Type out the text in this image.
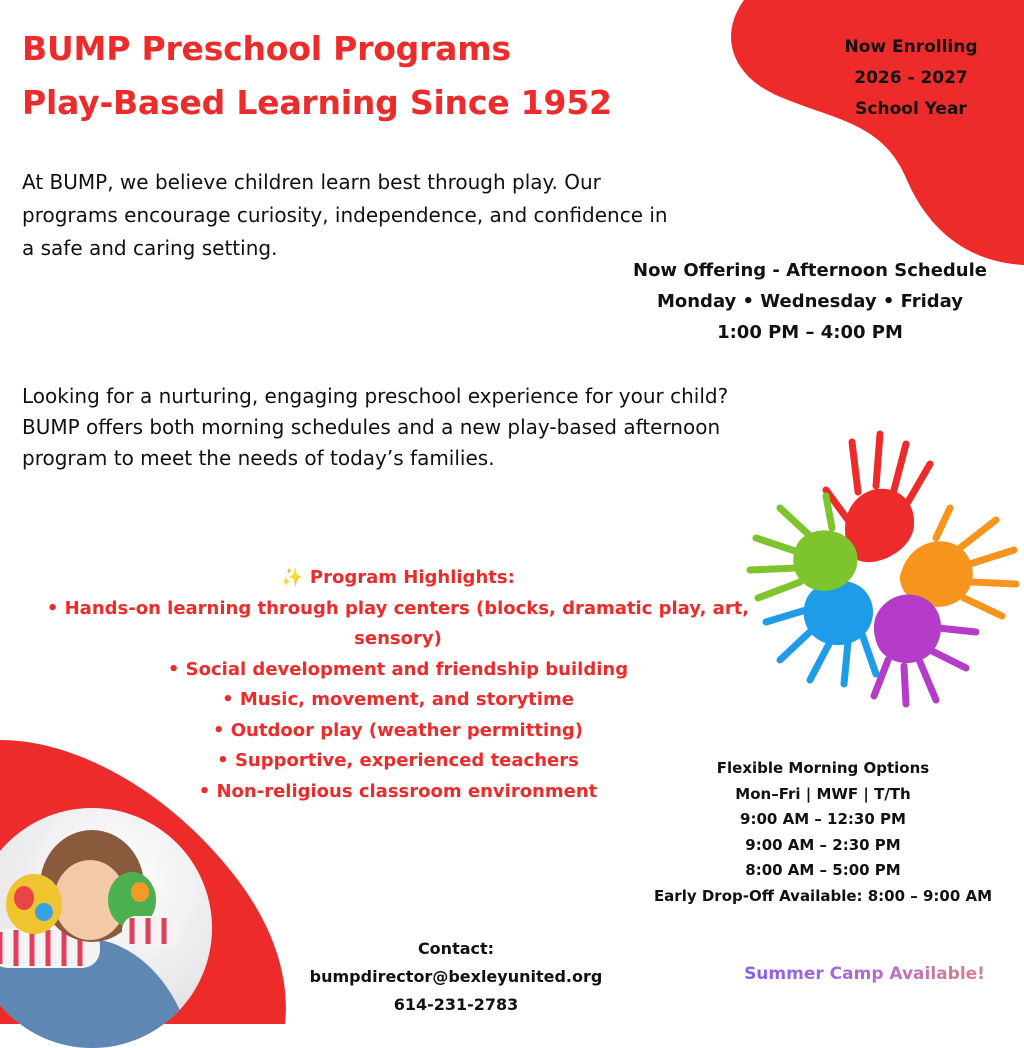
BUMP Preschool Programs
Play-Based Learning Since 1952
Now Enrolling
2026 - 2027
School Year

At BUMP, we believe children learn best through play. Our programs encourage curiosity, independence, and confidence in a safe and caring setting.

Now Offering - Afternoon Schedule
Monday • Wednesday • Friday
1:00 PM – 4:00 PM
Looking for a nurturing, engaging preschool experience for your child?
BUMP offers both morning schedules and a new play-based afternoon program to meet the needs of today’s families.
✨ Program Highlights:
• Hands-on learning through play centers (blocks, dramatic play, art, sensory)
• Social development and friendship building
• Music, movement, and storytime
• Outdoor play (weather permitting)
• Supportive, experienced teachers
• Non-religious classroom environment
Flexible Morning Options
Mon–Fri | MWF | T/Th
9:00 AM – 12:30 PM
9:00 AM – 2:30 PM
8:00 AM – 5:00 PM
Early Drop-Off Available: 8:00 – 9:00 AM
Contact:
bumpdirector@bexleyunited.org
614-231-2783
Summer Camp Available!
